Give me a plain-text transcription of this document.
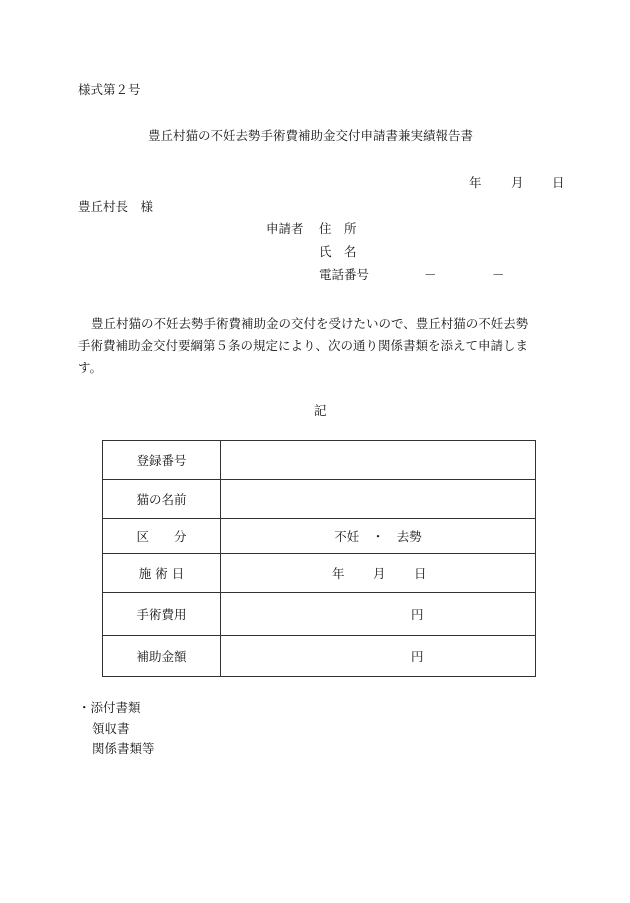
様式第２号
豊丘村猫の不妊去勢手術費補助金交付申請書兼実績報告書
年 月 日
豊丘村長　様
申請者 住　所
氏　名
電話番号	－	－
豊丘村猫の不妊去勢手術費補助金の交付を受けたいので、豊丘村猫の不妊去勢
手術費補助金交付要綱第５条の規定により、次の通り関係書類を添えて申請しま
す。
記
登録番号	
猫の名前	
区　　分	不妊　・　去勢
施 術 日	年 月 日

手術費用	円

補助金額	円
・添付書類
領収書
関係書類等
